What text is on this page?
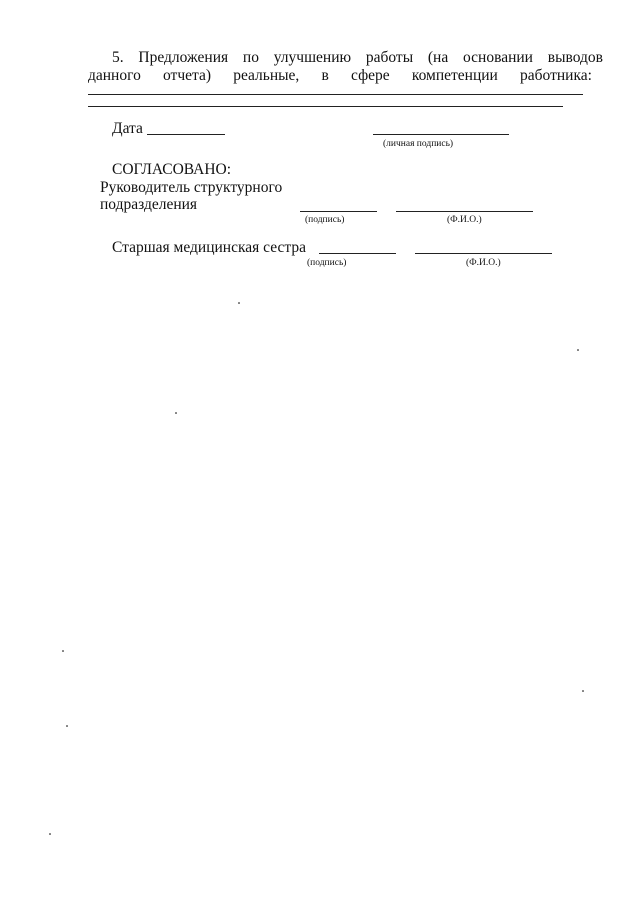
5. Предложения по улучшению работы (на основании выводов
данного отчета) реальные, в сфере компетенции работника:
Дата
(личная подпись)
СОГЛАСОВАНО:
Руководитель структурного
подразделения
(подпись)	(Ф.И.О.)
Старшая медицинская сестра
(подпись)	(Ф.И.О.)
